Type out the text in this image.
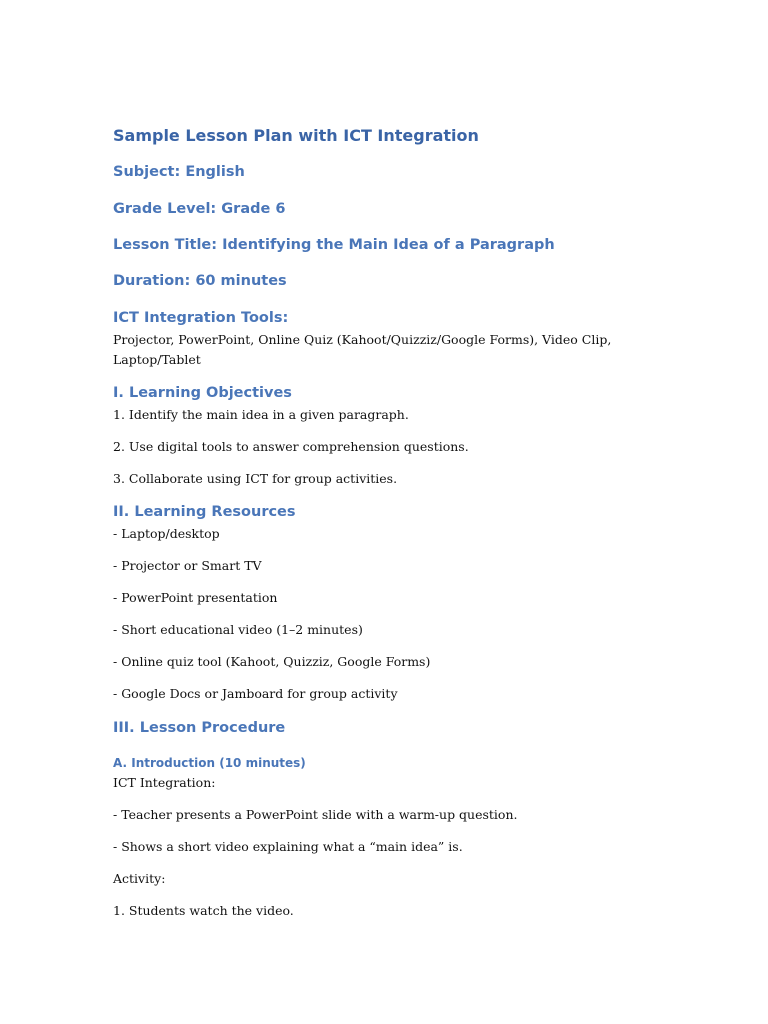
Sample Lesson Plan with ICT Integration
Subject: English
Grade Level: Grade 6
Lesson Title: Identifying the Main Idea of a Paragraph
Duration: 60 minutes
ICT Integration Tools:

Projector, PowerPoint, Online Quiz (Kahoot/Quizziz/Google Forms), Video Clip, Laptop/Tablet

I. Learning Objectives

1. Identify the main idea in a given paragraph.

2. Use digital tools to answer comprehension questions.

3. Collaborate using ICT for group activities.

II. Learning Resources

- Laptop/desktop

- Projector or Smart TV

- PowerPoint presentation

- Short educational video (1–2 minutes)

- Online quiz tool (Kahoot, Quizziz, Google Forms)

- Google Docs or Jamboard for group activity

III. Lesson Procedure
A. Introduction (10 minutes)

ICT Integration:

- Teacher presents a PowerPoint slide with a warm-up question.

- Shows a short video explaining what a “main idea” is.

Activity:

1. Students watch the video.
